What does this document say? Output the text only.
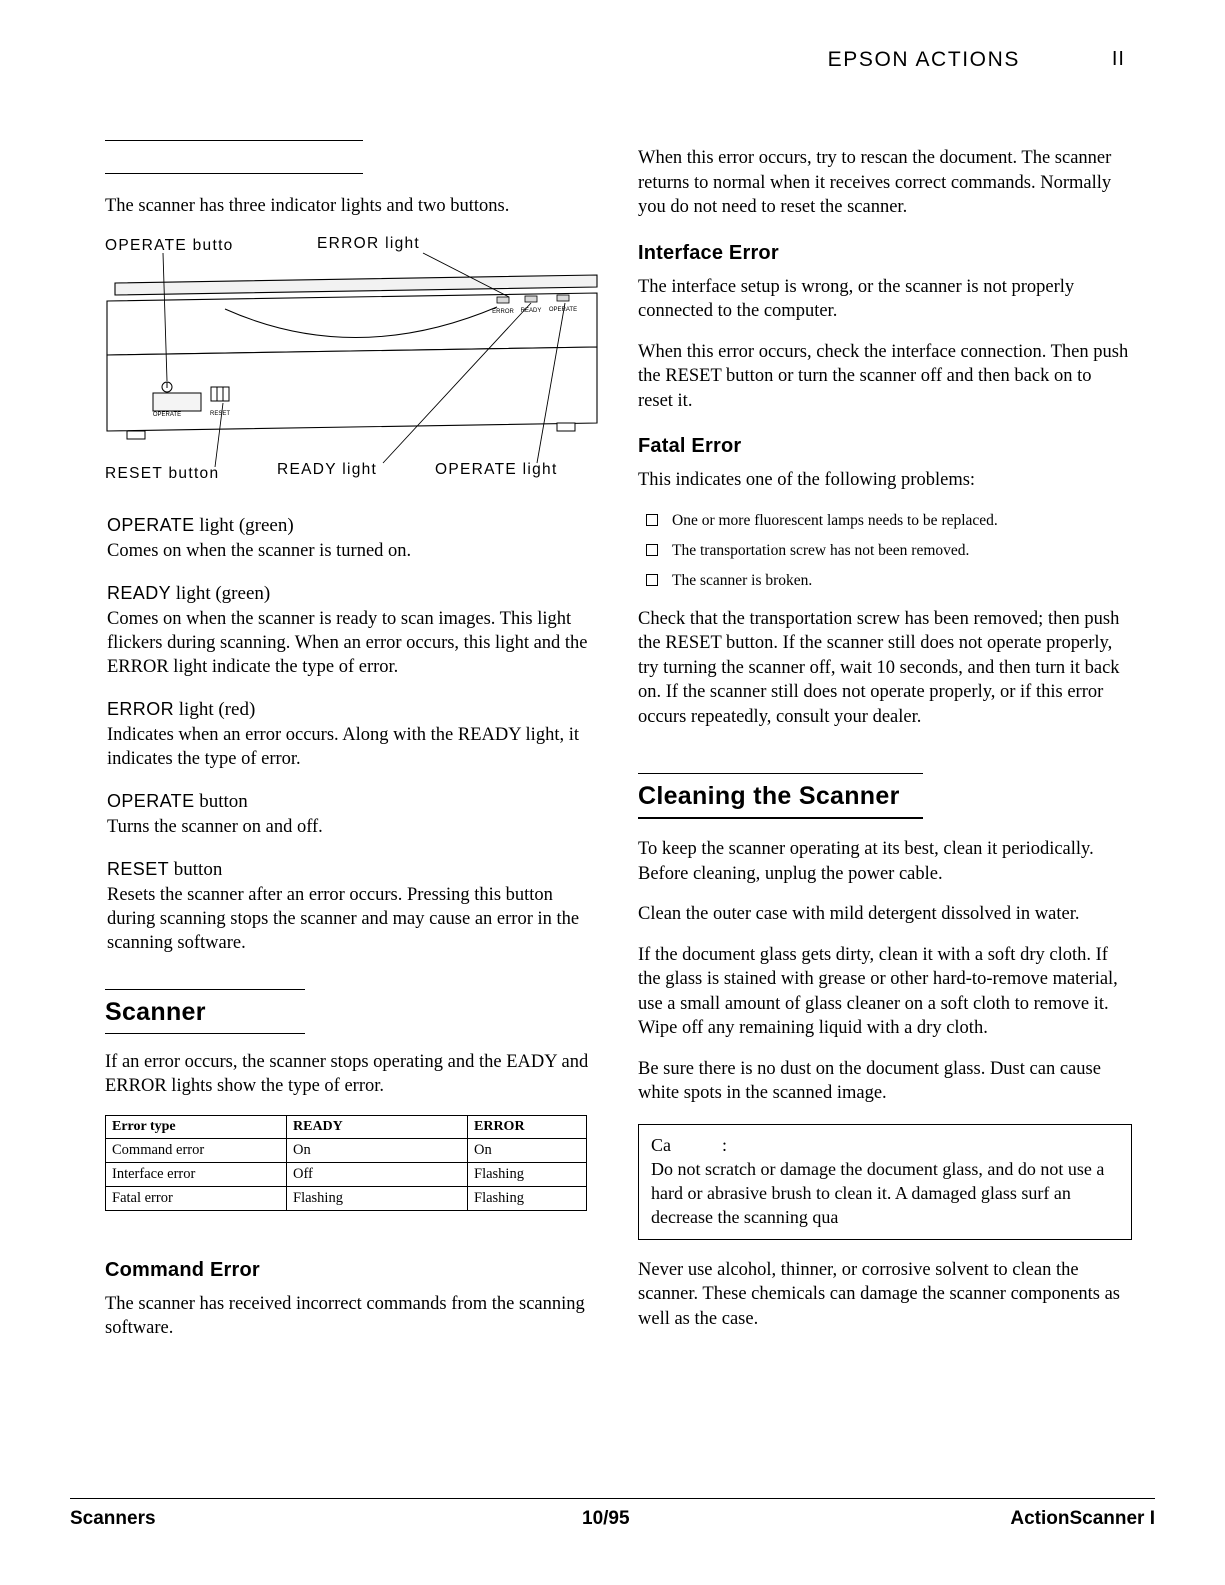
EPSON ACTIONS	II

The scanner has three indicator lights and two buttons.

ERROR READY OPERATE
OPERATE	RESET
OPERATE butto	ERROR light
RESET button	READY light	OPERATE light
OPERATE light (green)
Comes on when the scanner is turned on.
READY light (green)
Comes on when the scanner is ready to scan images. This light flickers during scanning. When an error occurs, this light and the ERROR light indicate the type of error.
ERROR light (red)
Indicates when an error occurs. Along with the READY light, it indicates the type of error.
OPERATE button
Turns the scanner on and off.
RESET button
Resets the scanner after an error occurs. Pressing this button during scanning stops the scanner and may cause an error in the scanning software.
Scanner

If an error occurs, the scanner stops operating and the EADY and ERROR lights show the type of error.

Error type	READY	ERROR
Command error	On	On
Interface error	Off	Flashing
Fatal error	Flashing	Flashing
Command Error

The scanner has received incorrect commands from the scanning software.

When this error occurs, try to rescan the document. The scanner returns to normal when it receives correct commands. Normally you do not need to reset the scanner.

Interface Error

The interface setup is wrong, or the scanner is not properly connected to the computer.

When this error occurs, check the interface connection. Then push the RESET button or turn the scanner off and then back on to reset it.

Fatal Error

This indicates one of the following problems:

One or more fluorescent lamps needs to be replaced.
The transportation screw has not been removed.
The scanner is broken.

Check that the transportation screw has been removed; then push the RESET button. If the scanner still does not operate properly, try turning the scanner off, wait 10 seconds, and then turn it back on. If the scanner still does not operate properly, or if this error occurs repeatedly, consult your dealer.

Cleaning the Scanner

To keep the scanner operating at its best, clean it periodically. Before cleaning, unplug the power cable.

Clean the outer case with mild detergent dissolved in water.

If the document glass gets dirty, clean it with a soft dry cloth. If the glass is stained with grease or other hard-to-remove material, use a small amount of glass cleaner on a soft cloth to remove it. Wipe off any remaining liquid with a dry cloth.

Be sure there is no dust on the document glass. Dust can cause white spots in the scanned image.

Ca	:
Do not scratch or damage the document glass, and do not use a hard or abrasive brush to clean it. A damaged glass surf an decrease the scanning qua

Never use alcohol, thinner, or corrosive solvent to clean the scanner. These chemicals can damage the scanner components as well as the case.

Scanners	10/95	ActionScanner I
